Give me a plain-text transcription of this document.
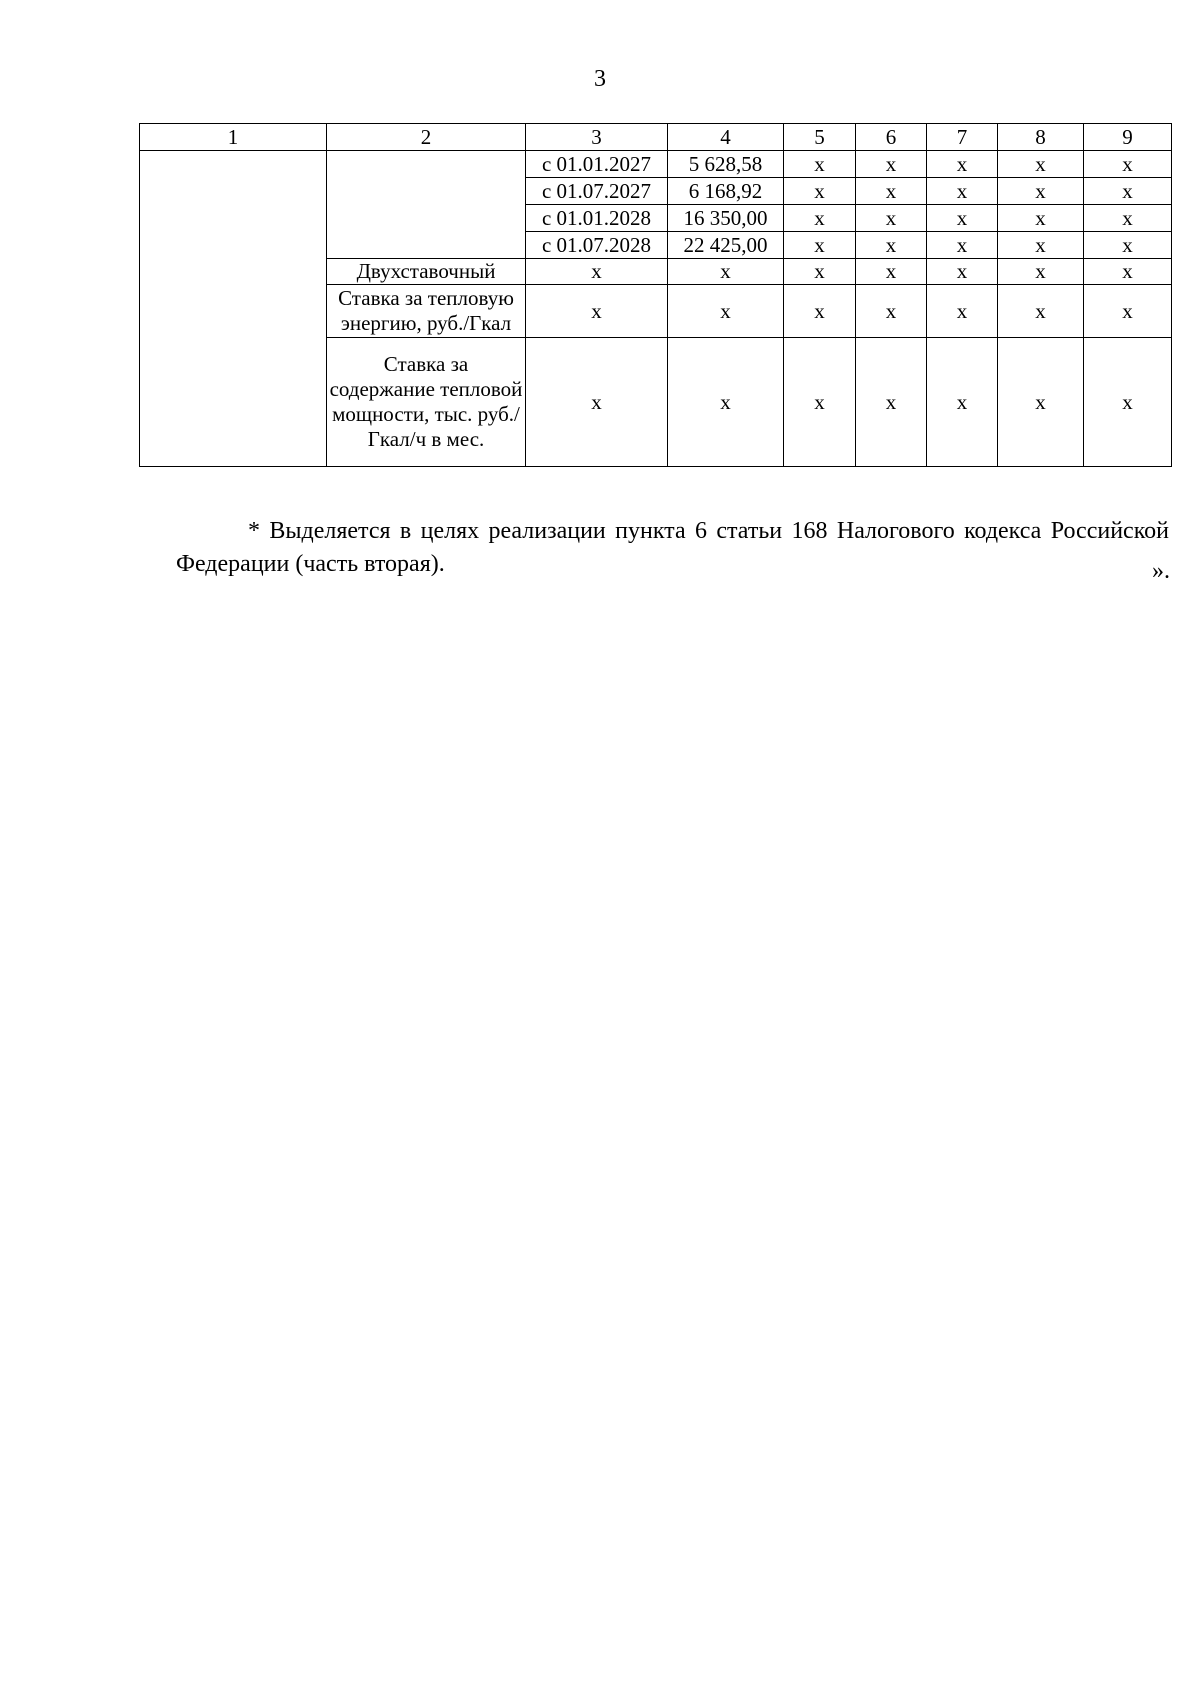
3
1	2	3	4	5	6	7	8	9
		с 01.01.2027	5 628,58	х	х	х	х	х
		с 01.07.2027	6 168,92	х	х	х	х	х
		с 01.01.2028	16 350,00	х	х	х	х	х
		с 01.07.2028	22 425,00	х	х	х	х	х
	Двухставочный	х	х	х	х	х	х	х
	Ставка за тепловую энергию, руб./Гкал	х	х	х	х	х	х	х
	Ставка за содержание тепловой мощности, тыс. руб./Гкал/ч в мес.	х	х	х	х	х	х	х

* Выделяется в целях реализации пункта 6 статьи 168 Налогового кодекса Российской Федерации (часть вторая).	».
